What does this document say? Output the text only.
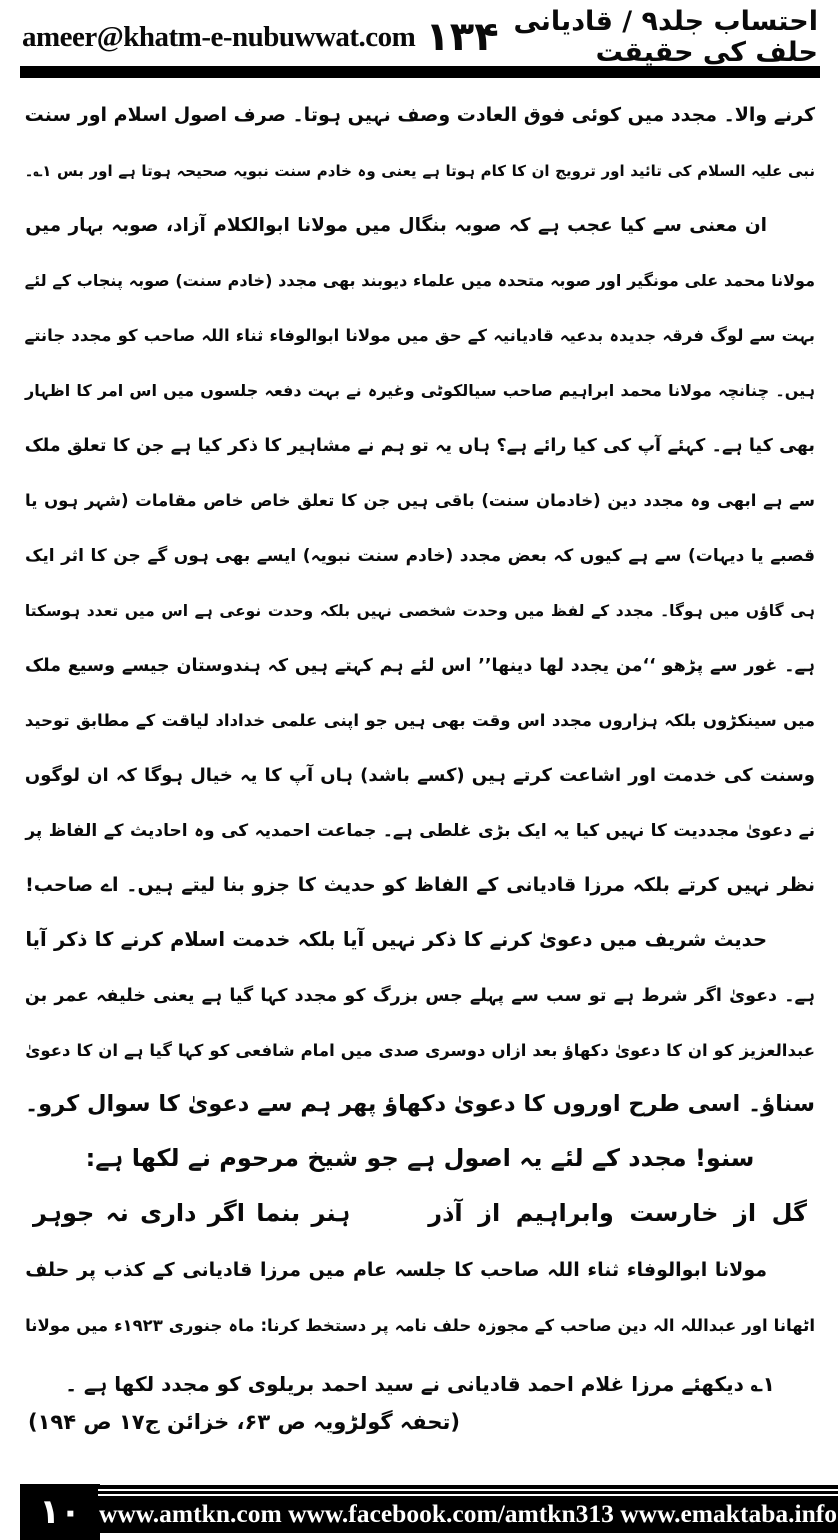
احتساب جلد۹ / قادیانی حلف کی حقیقت
۱۳۴
ameer@khatm-e-nubuwwat.com
کرنے والا۔ مجدد میں کوئی فوق العادت وصف نہیں ہوتا۔ صرف اصول اسلام اور سنت
نبی علیہ السلام کی تائید اور ترویج ان کا کام ہوتا ہے یعنی وہ خادم سنت نبویہ صحیحہ ہوتا ہے اور بس ۱؎۔
ان معنی سے کیا عجب ہے کہ صوبہ بنگال میں مولانا ابوالکلام آزاد، صوبہ بہار میں
مولانا محمد علی مونگیر اور صوبہ متحدہ میں علماء دیوبند بھی مجدد (خادم سنت) صوبہ پنجاب کے لئے
بہت سے لوگ فرقہ جدیدہ بدعیہ قادیانیہ کے حق میں مولانا ابوالوفاء ثناء اللہ صاحب کو مجدد جانتے
ہیں۔ چنانچہ مولانا محمد ابراہیم صاحب سیالکوٹی وغیرہ نے بہت دفعہ جلسوں میں اس امر کا اظہار
بھی کیا ہے۔ کہئے آپ کی کیا رائے ہے؟ ہاں یہ تو ہم نے مشاہیر کا ذکر کیا ہے جن کا تعلق ملک
سے ہے ابھی وہ مجدد دین (خادمان سنت) باقی ہیں جن کا تعلق خاص خاص مقامات (شہر ہوں یا
قصبے یا دیہات) سے ہے کیوں کہ بعض مجدد (خادم سنت نبویہ) ایسے بھی ہوں گے جن کا اثر ایک
ہی گاؤں میں ہوگا۔ مجدد کے لفظ میں وحدت شخصی نہیں بلکہ وحدت نوعی ہے اس میں تعدد ہوسکتا
ہے۔ غور سے پڑھو ‘‘من یجدد لھا دینھا’’ اس لئے ہم کہتے ہیں کہ ہندوستان جیسے وسیع ملک
میں سینکڑوں بلکہ ہزاروں مجدد اس وقت بھی ہیں جو اپنی علمی خداداد لیاقت کے مطابق توحید
وسنت کی خدمت اور اشاعت کرتے ہیں (کسے باشد) ہاں آپ کا یہ خیال ہوگا کہ ان لوگوں
نے دعویٰ مجددیت کا نہیں کیا یہ ایک بڑی غلطی ہے۔ جماعت احمدیہ کی وہ احادیث کے الفاظ پر
نظر نہیں کرتے بلکہ مرزا قادیانی کے الفاظ کو حدیث کا جزو بنا لیتے ہیں۔ اے صاحب!
حدیث شریف میں دعویٰ کرنے کا ذکر نہیں آیا بلکہ خدمت اسلام کرنے کا ذکر آیا
ہے۔ دعویٰ اگر شرط ہے تو سب سے پہلے جس بزرگ کو مجدد کہا گیا ہے یعنی خلیفہ عمر بن
عبدالعزیز کو ان کا دعویٰ دکھاؤ بعد ازاں دوسری صدی میں امام شافعی کو کہا گیا ہے ان کا دعویٰ
سناؤ۔ اسی طرح اوروں کا دعویٰ دکھاؤ پھر ہم سے دعویٰ کا سوال کرو۔
سنو! مجدد کے لئے یہ اصول ہے جو شیخ مرحوم نے لکھا ہے:
گل از خارست وابراہیم از آذر
ہنر بنما اگر داری نہ جوہر
مولانا ابوالوفاء ثناء اللہ صاحب کا جلسہ عام میں مرزا قادیانی کے کذب پر حلف
اٹھانا اور عبداللہ الہ دین صاحب کے مجوزہ حلف نامہ پر دستخط کرنا: ماہ جنوری ۱۹۲۳ء میں مولانا
۱؎ دیکھئے مرزا غلام احمد قادیانی نے سید احمد بریلوی کو مجدد لکھا ہے ۔
(تحفہ گولڑویہ ص ۶۳، خزائن ج۱۷ ص ۱۹۴)
۱۰ www.amtkn.com www.facebook.com/amtkn313 www.emaktaba.info
